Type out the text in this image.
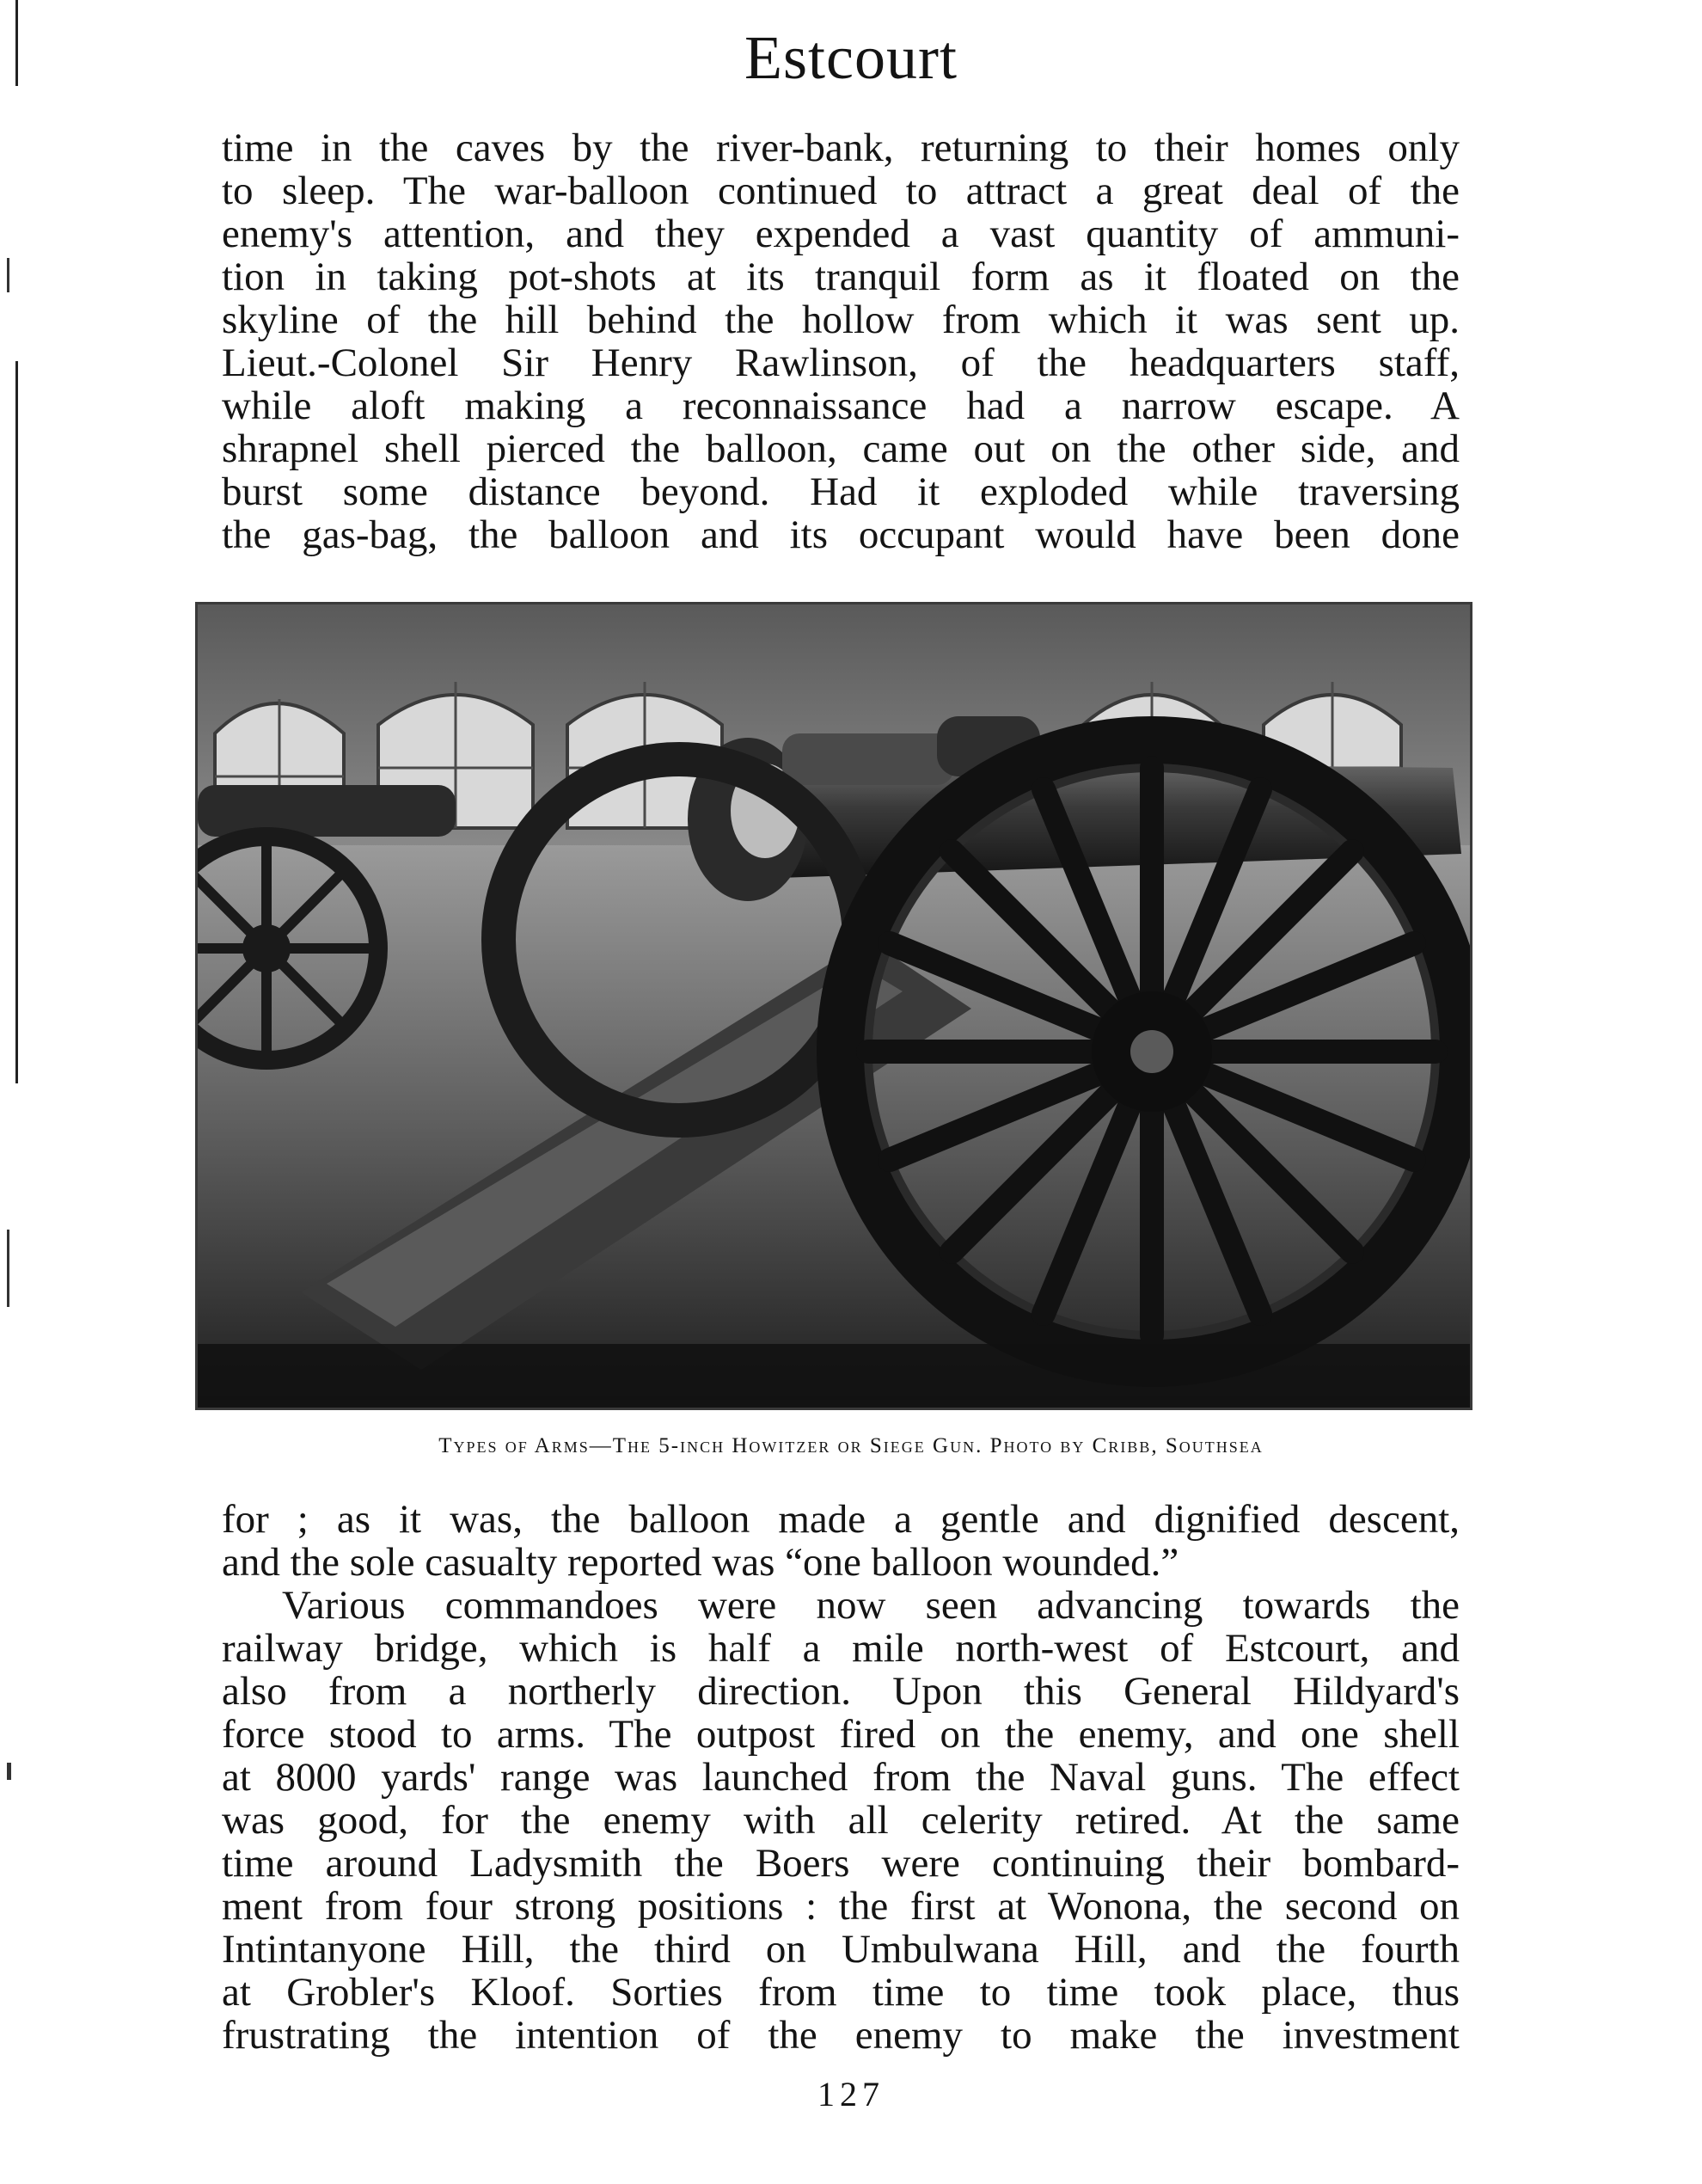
Estcourt
time in the caves by the river-bank, returning to their homes only
to sleep. The war-balloon continued to attract a great deal of the
enemy's attention, and they expended a vast quantity of ammuni-
tion in taking pot-shots at its tranquil form as it floated on the
skyline of the hill behind the hollow from which it was sent up.
Lieut.-Colonel Sir Henry Rawlinson, of the headquarters staff,
while aloft making a reconnaissance had a narrow escape. A
shrapnel shell pierced the balloon, came out on the other side, and
burst some distance beyond. Had it exploded while traversing
the gas-bag, the balloon and its occupant would have been done
Types of Arms—The 5-inch Howitzer or Siege Gun. Photo by Cribb, Southsea
for ; as it was, the balloon made a gentle and dignified descent,
and the sole casualty reported was “one balloon wounded.”
Various commandoes were now seen advancing towards the
railway bridge, which is half a mile north-west of Estcourt, and
also from a northerly direction. Upon this General Hildyard's
force stood to arms. The outpost fired on the enemy, and one shell
at 8000 yards' range was launched from the Naval guns. The effect
was good, for the enemy with all celerity retired. At the same
time around Ladysmith the Boers were continuing their bombard-
ment from four strong positions : the first at Wonona, the second on
Intintanyone Hill, the third on Umbulwana Hill, and the fourth
at Grobler's Kloof. Sorties from time to time took place, thus
frustrating the intention of the enemy to make the investment
127
